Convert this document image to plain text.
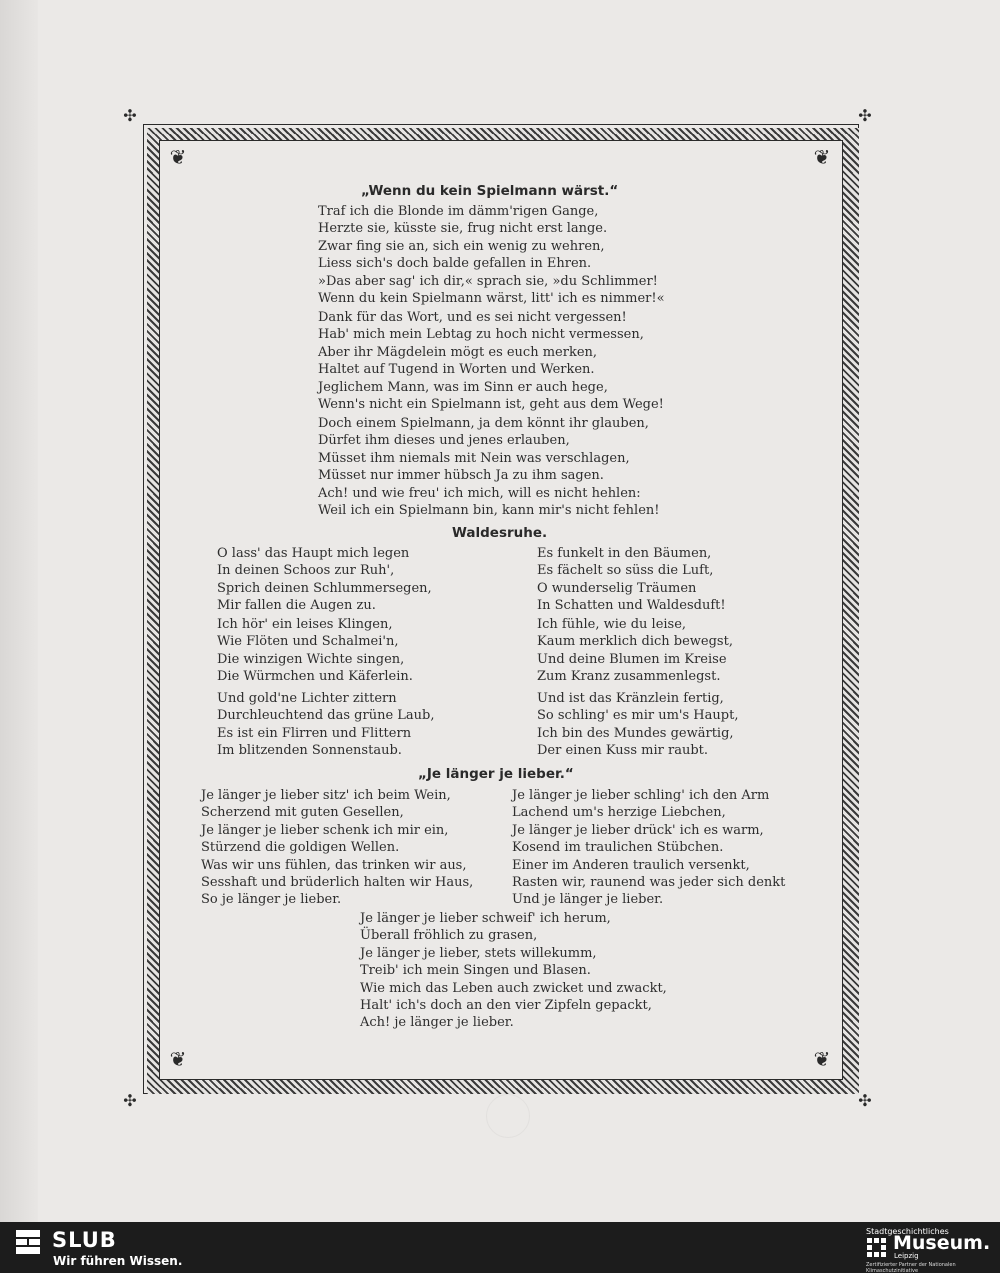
✣	✣
✣	✣
❦	❦
❦	❦
„Wenn du kein Spielmann wärst.“
Traf ich die Blonde im dämm'rigen Gange,
Herzte sie, küsste sie, frug nicht erst lange.
Zwar fing sie an, sich ein wenig zu wehren,
Liess sich's doch balde gefallen in Ehren.
»Das aber sag' ich dir,« sprach sie, »du Schlimmer!
Wenn du kein Spielmann wärst, litt' ich es nimmer!«
Dank für das Wort, und es sei nicht vergessen!
Hab' mich mein Lebtag zu hoch nicht vermessen,
Aber ihr Mägdelein mögt es euch merken,
Haltet auf Tugend in Worten und Werken.
Jeglichem Mann, was im Sinn er auch hege,
Wenn's nicht ein Spielmann ist, geht aus dem Wege!
Doch einem Spielmann, ja dem könnt ihr glauben,
Dürfet ihm dieses und jenes erlauben,
Müsset ihm niemals mit Nein was verschlagen,
Müsset nur immer hübsch Ja zu ihm sagen.
Ach! und wie freu' ich mich, will es nicht hehlen:
Weil ich ein Spielmann bin, kann mir's nicht fehlen!
Waldesruhe.
O lass' das Haupt mich legen
In deinen Schoos zur Ruh',
Sprich deinen Schlummersegen,
Mir fallen die Augen zu.
Ich hör' ein leises Klingen,
Wie Flöten und Schalmei'n,
Die winzigen Wichte singen,
Die Würmchen und Käferlein.
Und gold'ne Lichter zittern
Durchleuchtend das grüne Laub,
Es ist ein Flirren und Flittern
Im blitzenden Sonnenstaub.
Es funkelt in den Bäumen,
Es fächelt so süss die Luft,
O wunderselig Träumen
In Schatten und Waldesduft!
Ich fühle, wie du leise,
Kaum merklich dich bewegst,
Und deine Blumen im Kreise
Zum Kranz zusammenlegst.
Und ist das Kränzlein fertig,
So schling' es mir um's Haupt,
Ich bin des Mundes gewärtig,
Der einen Kuss mir raubt.
„Je länger je lieber.“
Je länger je lieber sitz' ich beim Wein,
Scherzend mit guten Gesellen,
Je länger je lieber schenk ich mir ein,
Stürzend die goldigen Wellen.
Was wir uns fühlen, das trinken wir aus,
Sesshaft und brüderlich halten wir Haus,
So je länger je lieber.
Je länger je lieber schling' ich den Arm
Lachend um's herzige Liebchen,
Je länger je lieber drück' ich es warm,
Kosend im traulichen Stübchen.
Einer im Anderen traulich versenkt,
Rasten wir, raunend was jeder sich denkt
Und je länger je lieber.
Je länger je lieber schweif' ich herum,
Überall fröhlich zu grasen,
Je länger je lieber, stets willekumm,
Treib' ich mein Singen und Blasen.
Wie mich das Leben auch zwicket und zwackt,
Halt' ich's doch an den vier Zipfeln gepackt,
Ach! je länger je lieber.
SLUB
Wir führen Wissen.
Stadtgeschichtliches
Museum.
Leipzig
Zertifizierter Partner der Nationalen Klimaschutzinitiative
